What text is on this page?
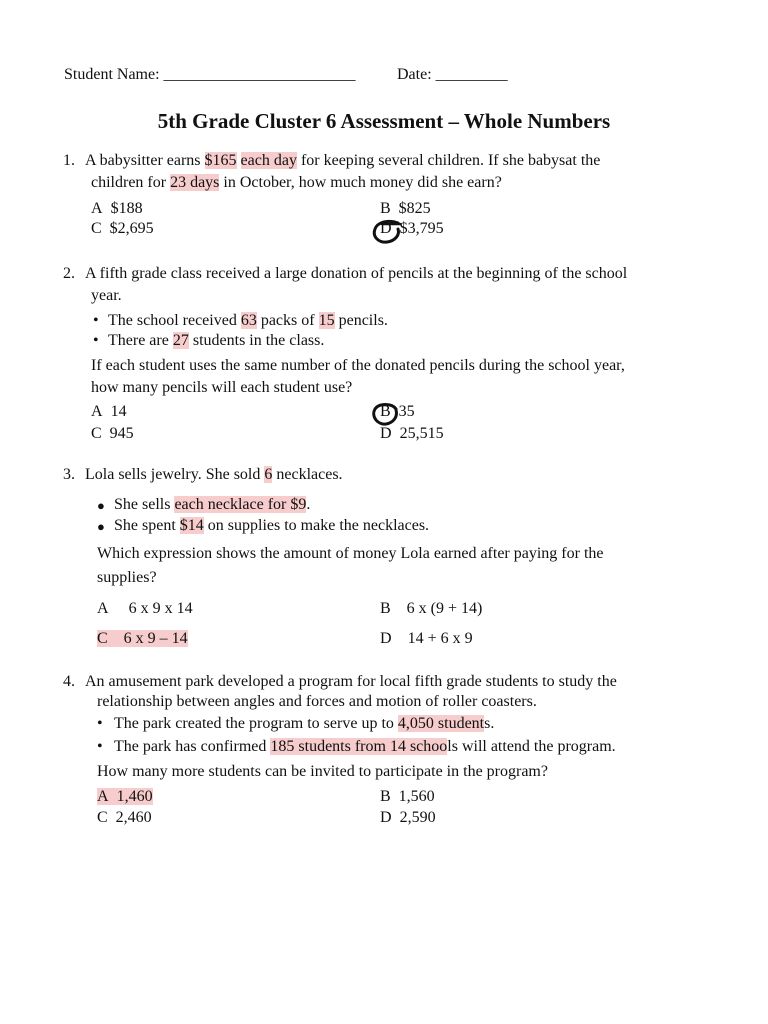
Student Name: ________________________	Date: _________
5th Grade Cluster 6 Assessment – Whole Numbers
1. A babysitter earns $165 each day for keeping several children. If she babysat the
children for 23 days in October, how much money did she earn?
A $188	B $825
C $2,695	D $3,795
2. A fifth grade class received a large donation of pencils at the beginning of the school
year.
• The school received 63 packs of 15 pencils.
• There are 27 students in the class.
If each student uses the same number of the donated pencils during the school year,
how many pencils will each student use?
A 14	B 35
C 945	D 25,515
3. Lola sells jewelry. She sold 6 necklaces.
● She sells each necklace for $9.
● She spent $14 on supplies to make the necklaces.
Which expression shows the amount of money Lola earned after paying for the
supplies?
A 6 x 9 x 14	B 6 x (9 + 14)
C 6 x 9 – 14	D 14 + 6 x 9
4. An amusement park developed a program for local fifth grade students to study the
relationship between angles and forces and motion of roller coasters.
• The park created the program to serve up to 4,050 students.
• The park has confirmed 185 students from 14 schools will attend the program.
How many more students can be invited to participate in the program?
A 1,460	B 1,560
C 2,460	D 2,590
